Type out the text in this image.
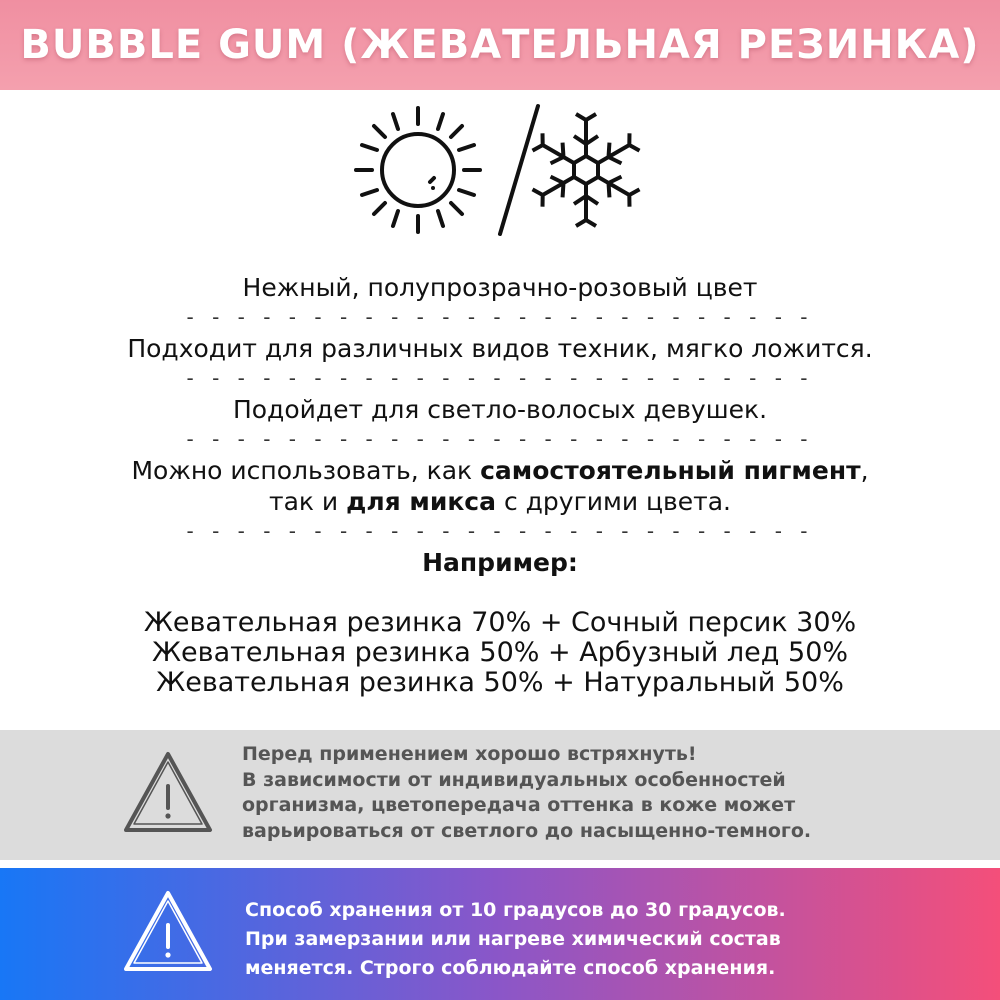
BUBBLE GUM (ЖЕВАТЕЛЬНАЯ РЕЗИНКА)

Нежный, полупрозрачно-розовый цвет

- - - - - - - - - - - - - - - - - - - - - - - - -

Подходит для различных видов техник, мягко ложится.

- - - - - - - - - - - - - - - - - - - - - - - - -

Подойдет для светло-волосых девушек.

- - - - - - - - - - - - - - - - - - - - - - - - -

Можно использовать, как самостоятельный пигмент,

так и для микса с другими цвета.

- - - - - - - - - - - - - - - - - - - - - - - - -

Например:

Жевательная резинка 70% + Сочный персик 30%

Жевательная резинка 50% + Арбузный лед 50%

Жевательная резинка 50% + Натуральный 50%

Перед применением хорошо встряхнуть!
В зависимости от индивидуальных особенностей
организма, цветопередача оттенка в коже может
варьироваться от светлого до насыщенно-темного.
Способ хранения от 10 градусов до 30 градусов.
При замерзании или нагреве химический состав
меняется. Строго соблюдайте способ хранения.
